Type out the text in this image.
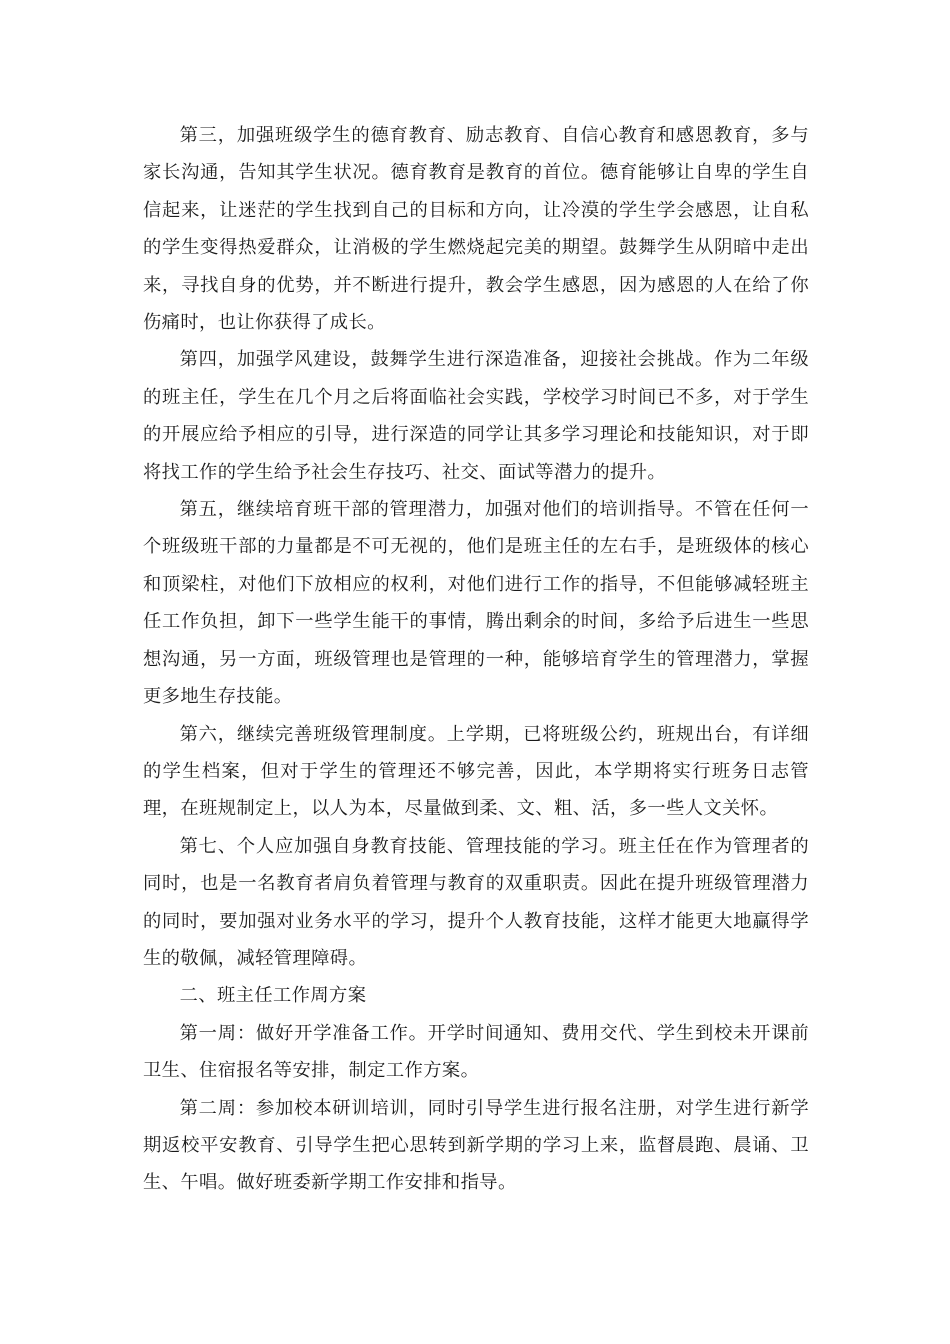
第三，加强班级学生的德育教育、励志教育、自信心教育和感恩教育，多与家长沟通，告知其学生状况。德育教育是教育的首位。德育能够让自卑的学生自信起来，让迷茫的学生找到自己的目标和方向，让冷漠的学生学会感恩，让自私的学生变得热爱群众，让消极的学生燃烧起完美的期望。鼓舞学生从阴暗中走出来，寻找自身的优势，并不断进行提升，教会学生感恩，因为感恩的人在给了你伤痛时，也让你获得了成长。

第四，加强学风建设，鼓舞学生进行深造准备，迎接社会挑战。作为二年级的班主任，学生在几个月之后将面临社会实践，学校学习时间已不多，对于学生的开展应给予相应的引导，进行深造的同学让其多学习理论和技能知识，对于即将找工作的学生给予社会生存技巧、社交、面试等潜力的提升。

第五，继续培育班干部的管理潜力，加强对他们的培训指导。不管在任何一个班级班干部的力量都是不可无视的，他们是班主任的左右手，是班级体的核心和顶梁柱，对他们下放相应的权利，对他们进行工作的指导，不但能够减轻班主任工作负担，卸下一些学生能干的事情，腾出剩余的时间，多给予后进生一些思想沟通，另一方面，班级管理也是管理的一种，能够培育学生的管理潜力，掌握更多地生存技能。

第六，继续完善班级管理制度。上学期，已将班级公约，班规出台，有详细的学生档案，但对于学生的管理还不够完善，因此，本学期将实行班务日志管理，在班规制定上，以人为本，尽量做到柔、文、粗、活，多一些人文关怀。

第七、个人应加强自身教育技能、管理技能的学习。班主任在作为管理者的同时，也是一名教育者肩负着管理与教育的双重职责。因此在提升班级管理潜力的同时，要加强对业务水平的学习，提升个人教育技能，这样才能更大地赢得学生的敬佩，减轻管理障碍。

二、班主任工作周方案

第一周：做好开学准备工作。开学时间通知、费用交代、学生到校未开课前卫生、住宿报名等安排，制定工作方案。

第二周：参加校本研训培训，同时引导学生进行报名注册，对学生进行新学期返校平安教育、引导学生把心思转到新学期的学习上来，监督晨跑、晨诵、卫生、午唱。做好班委新学期工作安排和指导。
